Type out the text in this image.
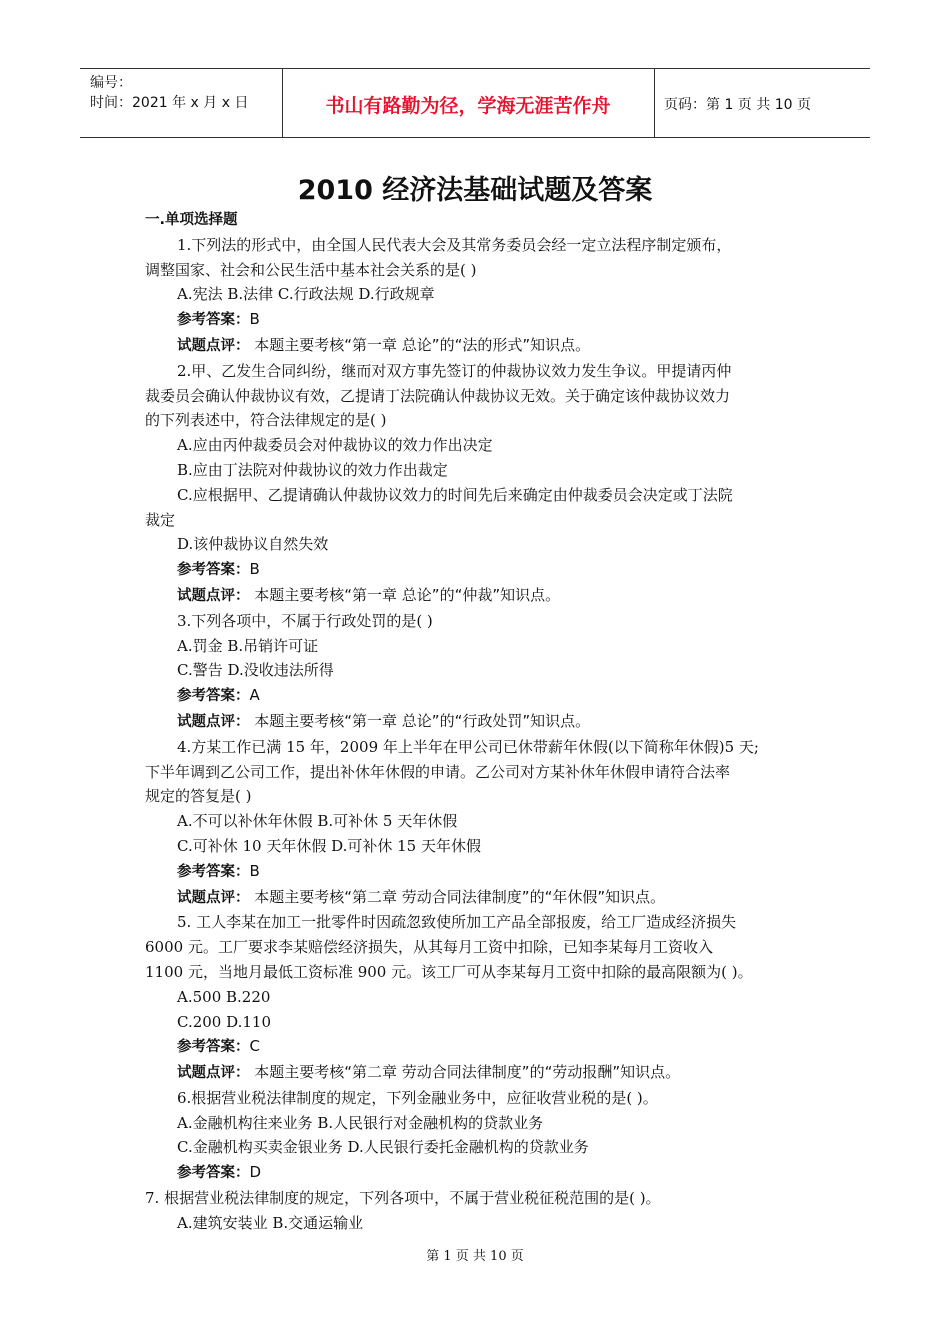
编号：
时间：2021 年 x 月 x 日	书山有路勤为径，学海无涯苦作舟	页码：第 1 页 共 10 页
2010 经济法基础试题及答案

一.单项选择题

1.下列法的形式中，由全国人民代表大会及其常务委员会经一定立法程序制定颁布，

调整国家、社会和公民生活中基本社会关系的是( )

A.宪法 B.法律 C.行政法规 D.行政规章

参考答案：B

试题点评： 本题主要考核“第一章 总论”的“法的形式”知识点。

2.甲、乙发生合同纠纷，继而对双方事先签订的仲裁协议效力发生争议。甲提请丙仲

裁委员会确认仲裁协议有效，乙提请丁法院确认仲裁协议无效。关于确定该仲裁协议效力

的下列表述中，符合法律规定的是( )

A.应由丙仲裁委员会对仲裁协议的效力作出决定

B.应由丁法院对仲裁协议的效力作出裁定

C.应根据甲、乙提请确认仲裁协议效力的时间先后来确定由仲裁委员会决定或丁法院

裁定

D.该仲裁协议自然失效

参考答案：B

试题点评： 本题主要考核“第一章 总论”的“仲裁”知识点。

3.下列各项中，不属于行政处罚的是( )

A.罚金 B.吊销许可证

C.警告 D.没收违法所得

参考答案：A

试题点评： 本题主要考核“第一章 总论”的“行政处罚”知识点。

4.方某工作已满 15 年，2009 年上半年在甲公司已休带薪年休假(以下简称年休假)5 天;

下半年调到乙公司工作，提出补休年休假的申请。乙公司对方某补休年休假申请符合法率

规定的答复是( )

A.不可以补休年休假 B.可补休 5 天年休假

C.可补休 10 天年休假 D.可补休 15 天年休假

参考答案：B

试题点评： 本题主要考核“第二章 劳动合同法律制度”的“年休假”知识点。

5. 工人李某在加工一批零件时因疏忽致使所加工产品全部报废，给工厂造成经济损失

6000 元。工厂要求李某赔偿经济损失，从其每月工资中扣除，已知李某每月工资收入

1100 元，当地月最低工资标准 900 元。该工厂可从李某每月工资中扣除的最高限额为( )。

A.500 B.220

C.200 D.110

参考答案：C

试题点评： 本题主要考核“第二章 劳动合同法律制度”的“劳动报酬”知识点。

6.根据营业税法律制度的规定，下列金融业务中，应征收营业税的是( )。

A.金融机构往来业务 B.人民银行对金融机构的贷款业务

C.金融机构买卖金银业务 D.人民银行委托金融机构的贷款业务

参考答案：D

7. 根据营业税法律制度的规定，下列各项中，不属于营业税征税范围的是( )。

A.建筑安装业 B.交通运输业

第 1 页 共 10 页
